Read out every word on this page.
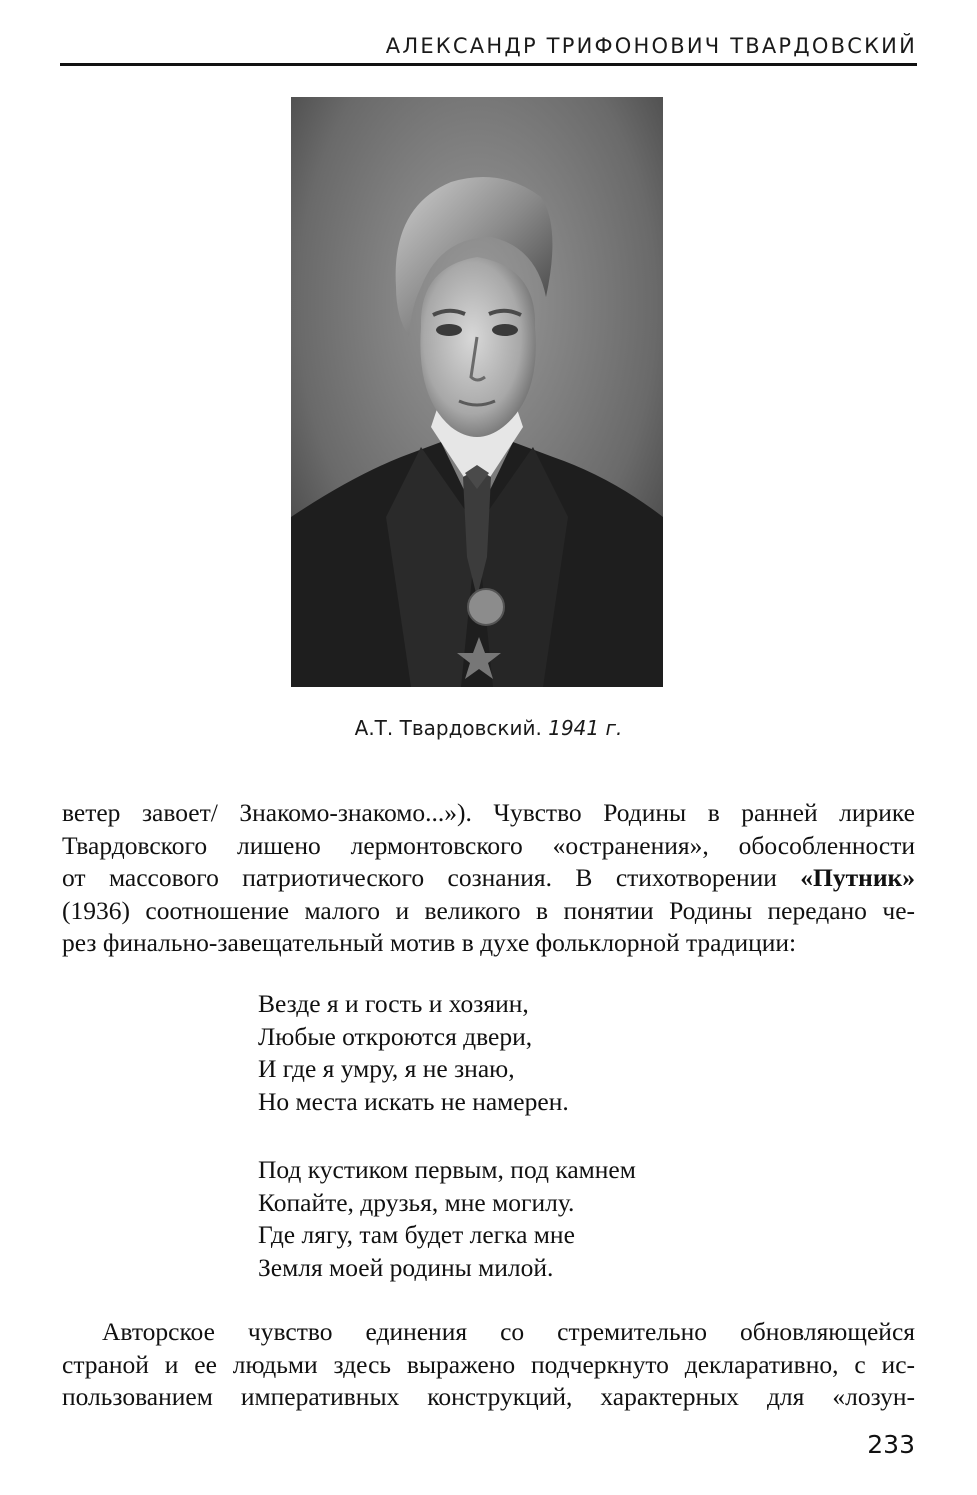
АЛЕКСАНДР ТРИФОНОВИЧ ТВАРДОВСКИЙ
А.Т. Твардовский. 1941 г.
ветер завоет/ Знакомо-знакомо...»). Чувство Родины в ранней лирике
Твардовского лишено лермонтовского «остранения», обособленности
от массового патриотического сознания. В стихотворении «Путник»
(1936) соотношение малого и великого в понятии Родины передано че-
рез финально-завещательный мотив в духе фольклорной традиции:
Везде я и гость и хозяин,
Любые откроются двери,
И где я умру, я не знаю,
Но места искать не намерен.
Под кустиком первым, под камнем
Копайте, друзья, мне могилу.
Где лягу, там будет легка мне
Земля моей родины милой.
Авторское чувство единения со стремительно обновляющейся
страной и ее людьми здесь выражено подчеркнуто декларативно, с ис-
пользованием императивных конструкций, характерных для «лозун-
233
